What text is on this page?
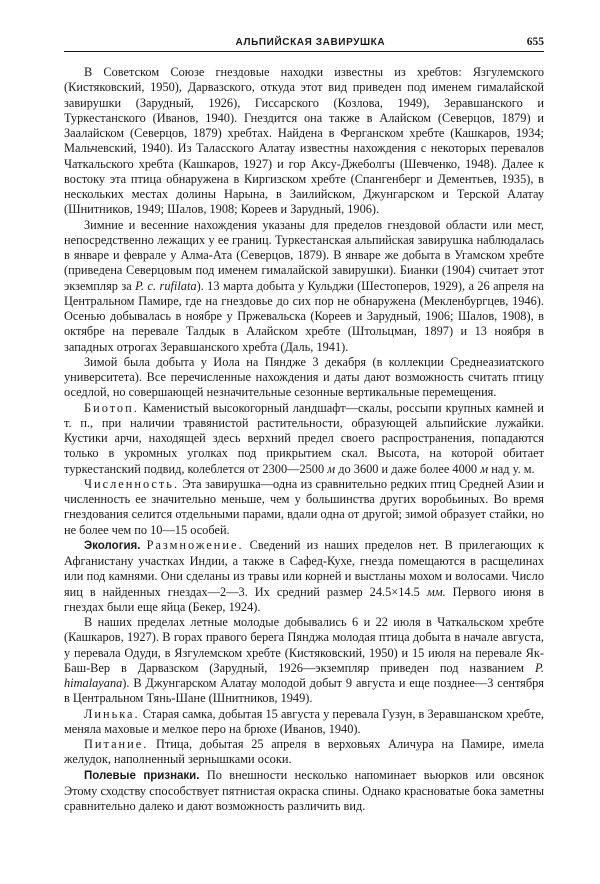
АЛЬПИЙСКАЯ ЗАВИРУШКА	655

В Советском Союзе гнездовые находки известны из хребтов: Язгулемского (Кистяковский, 1950), Дарвазского, откуда этот вид приведен под именем гималайской завирушки (Зарудный, 1926), Гиссарского (Козлова, 1949), Зеравшанского и Туркестанского (Иванов, 1940). Гнездится она также в Алайском (Северцов, 1879) и Заалайском (Северцов, 1879) хребтах. Найдена в Ферганском хребте (Кашкаров, 1934; Мальчевский, 1940). Из Таласского Алатау известны нахождения с некоторых перевалов Чаткальского хребта (Кашкаров, 1927) и гор Аксу-Джеболгы (Шевченко, 1948). Далее к востоку эта птица обнаружена в Киргизском хребте (Спангенберг и Дементьев, 1935), в нескольких местах долины Нарына, в Заилийском, Джунгарском и Терской Алатау (Шнитников, 1949; Шалов, 1908; Кореев и Зарудный, 1906).

Зимние и весенние нахождения указаны для пределов гнездовой области или мест, непосредственно лежащих у ее границ. Туркестанская альпийская завирушка наблюдалась в январе и феврале у Алма-Ата (Северцов, 1879). В январе же добыта в Угамском хребте (приведена Северцовым под именем гималайской завирушки). Бианки (1904) считает этот экземпляр за P. c. rufilata). 13 марта добыта у Кульджи (Шестоперов, 1929), а 26 апреля на Центральном Памире, где на гнездовье до сих пор не обнаружена (Мекленбургцев, 1946). Осенью добывалась в ноябре у Пржевальска (Кореев и Зарудный, 1906; Шалов, 1908), в октябре на перевале Талдык в Алайском хребте (Штольцман, 1897) и 13 ноября в западных отрогах Зеравшанского хребта (Даль, 1941).

Зимой была добыта у Иола на Пяндже 3 декабря (в коллекции Среднеазиатского университета). Все перечисленные нахождения и даты дают возможность считать птицу оседлой, но совершающей незначительные сезонные вертикальные перемещения.

Биотоп. Каменистый высокогорный ландшафт—скалы, россыпи крупных камней и т. п., при наличии травянистой растительности, образующей альпийские лужайки. Кустики арчи, находящей здесь верхний предел своего распространения, попадаются только в укромных уголках под прикрытием скал. Высота, на которой обитает туркестанский подвид, колеблется от 2300—2500 м до 3600 и даже более 4000 м над у. м.

Численность. Эта завирушка—одна из сравнительно редких птиц Средней Азии и численность ее значительно меньше, чем у большинства других воробьиных. Во время гнездования селится отдельными парами, вдали одна от другой; зимой образует стайки, но не более чем по 10—15 особей.

Экология. Размножение. Сведений из наших пределов нет. В прилегающих к Афганистану участках Индии, а также в Сафед-Кухе, гнезда помещаются в расщелинах или под камнями. Они сделаны из травы или корней и выстланы мохом и волосами. Число яиц в найденных гнездах—2—3. Их средний размер 24.5×14.5 мм. Первого июня в гнездах были еще яйца (Бекер, 1924).

В наших пределах летные молодые добывались 6 и 22 июля в Чаткальском хребте (Кашкаров, 1927). В горах правого берега Пянджа молодая птица добыта в начале августа, у перевала Одуди, в Язгулемском хребте (Кистяковский, 1950) и 15 июля на перевале Як-Баш-Вер в Дарвазском (Зарудный, 1926—экземпляр приведен под названием P. himalayana). В Джунгарском Алатау молодой добыт 9 августа и еще позднее—3 сентября в Центральном Тянь-Шане (Шнитников, 1949).

Линька. Старая самка, добытая 15 августа у перевала Гузун, в Зеравшанском хребте, меняла маховые и мелкое перо на брюхе (Иванов, 1940).

Питание. Птица, добытая 25 апреля в верховьях Аличура на Памире, имела желудок, наполненный зернышками осоки.

Полевые признаки. По внешности несколько напоминает вьюрков или овсянок Этому сходству способствует пятнистая окраска спины. Однако красноватые бока заметны сравнительно далеко и дают возможность различить вид.
